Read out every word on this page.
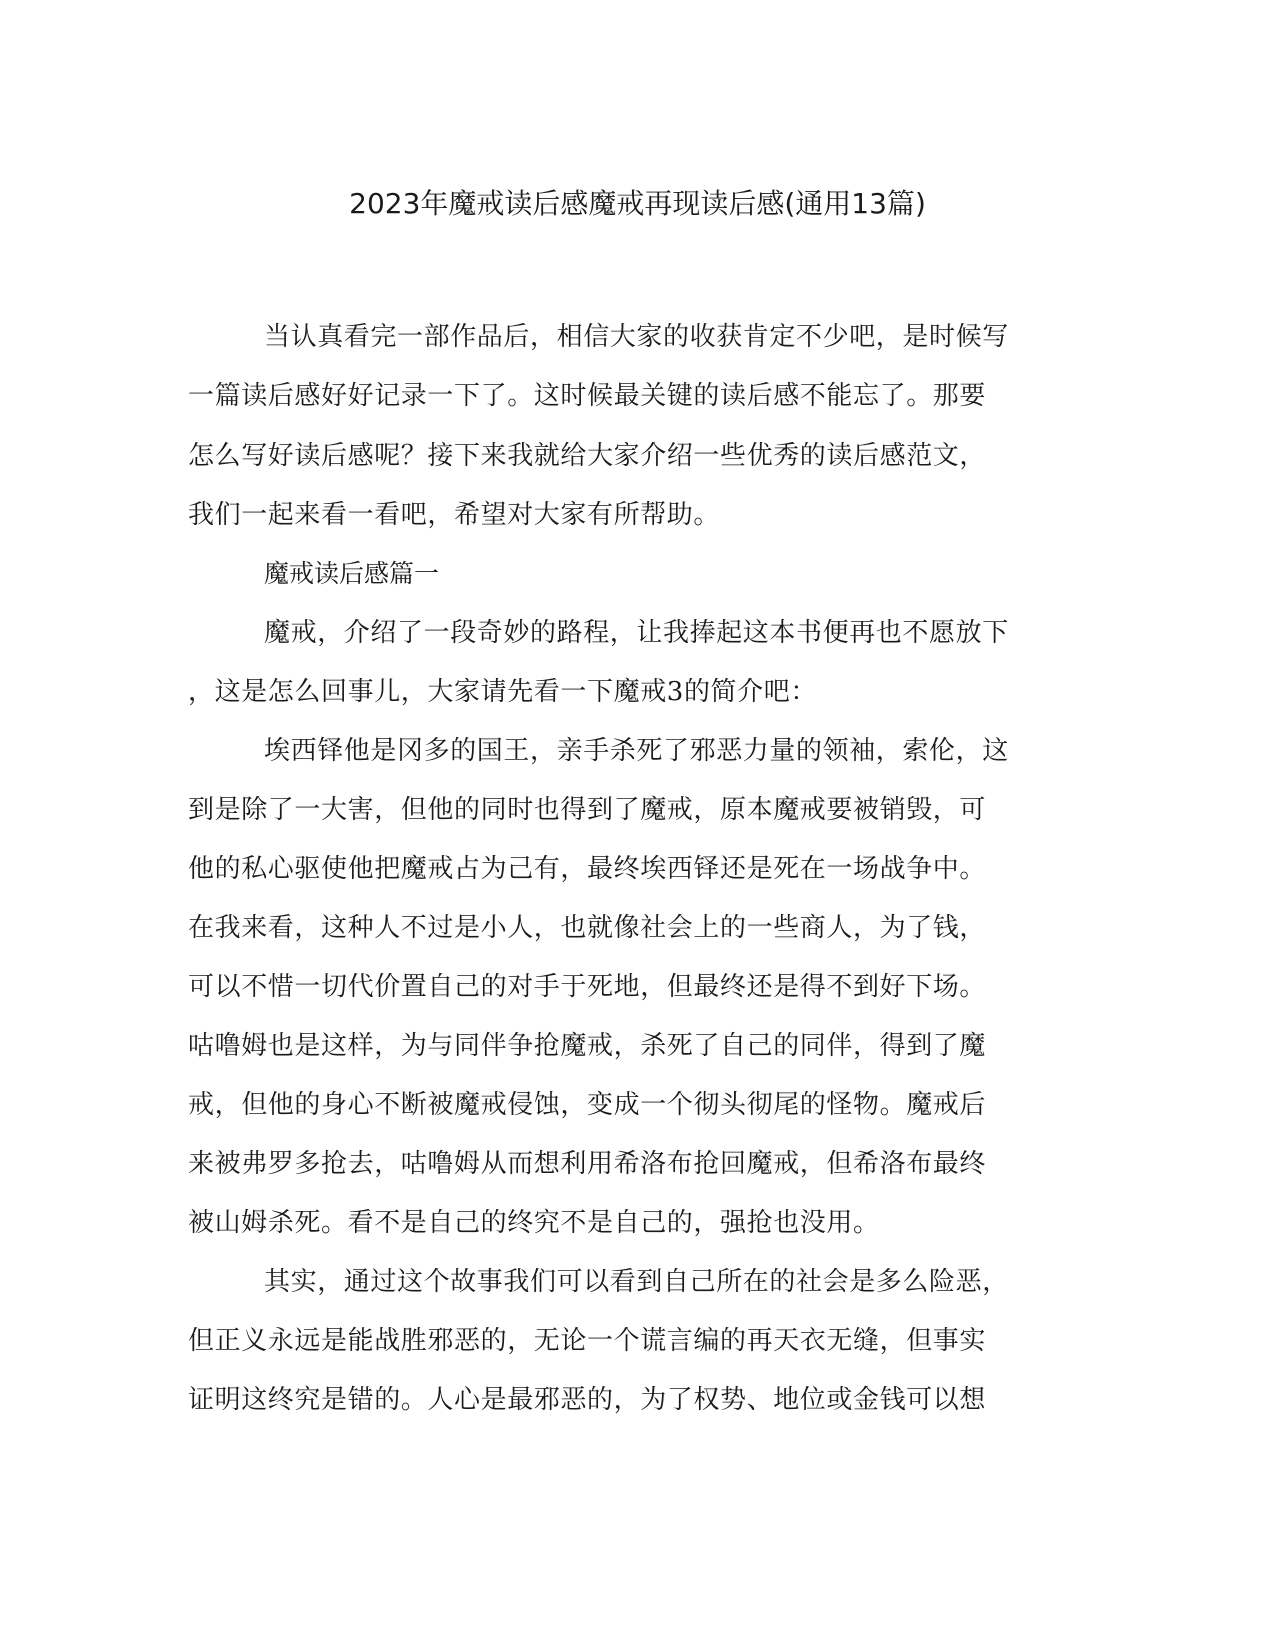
2023年魔戒读后感魔戒再现读后感(通用13篇)
当认真看完一部作品后，相信大家的收获肯定不少吧，是时候写
一篇读后感好好记录一下了。这时候最关键的读后感不能忘了。那要
怎么写好读后感呢？接下来我就给大家介绍一些优秀的读后感范文，
我们一起来看一看吧，希望对大家有所帮助。
魔戒读后感篇一
魔戒，介绍了一段奇妙的路程，让我捧起这本书便再也不愿放下
，这是怎么回事儿，大家请先看一下魔戒3的简介吧：
埃西铎他是冈多的国王，亲手杀死了邪恶力量的领袖，索伦，这
到是除了一大害，但他的同时也得到了魔戒，原本魔戒要被销毁，可
他的私心驱使他把魔戒占为己有，最终埃西铎还是死在一场战争中。
在我来看，这种人不过是小人，也就像社会上的一些商人，为了钱，
可以不惜一切代价置自己的对手于死地，但最终还是得不到好下场。
咕噜姆也是这样，为与同伴争抢魔戒，杀死了自己的同伴，得到了魔
戒，但他的身心不断被魔戒侵蚀，变成一个彻头彻尾的怪物。魔戒后
来被弗罗多抢去，咕噜姆从而想利用希洛布抢回魔戒，但希洛布最终
被山姆杀死。看不是自己的终究不是自己的，强抢也没用。
其实，通过这个故事我们可以看到自己所在的社会是多么险恶，
但正义永远是能战胜邪恶的，无论一个谎言编的再天衣无缝，但事实
证明这终究是错的。人心是最邪恶的，为了权势、地位或金钱可以想
